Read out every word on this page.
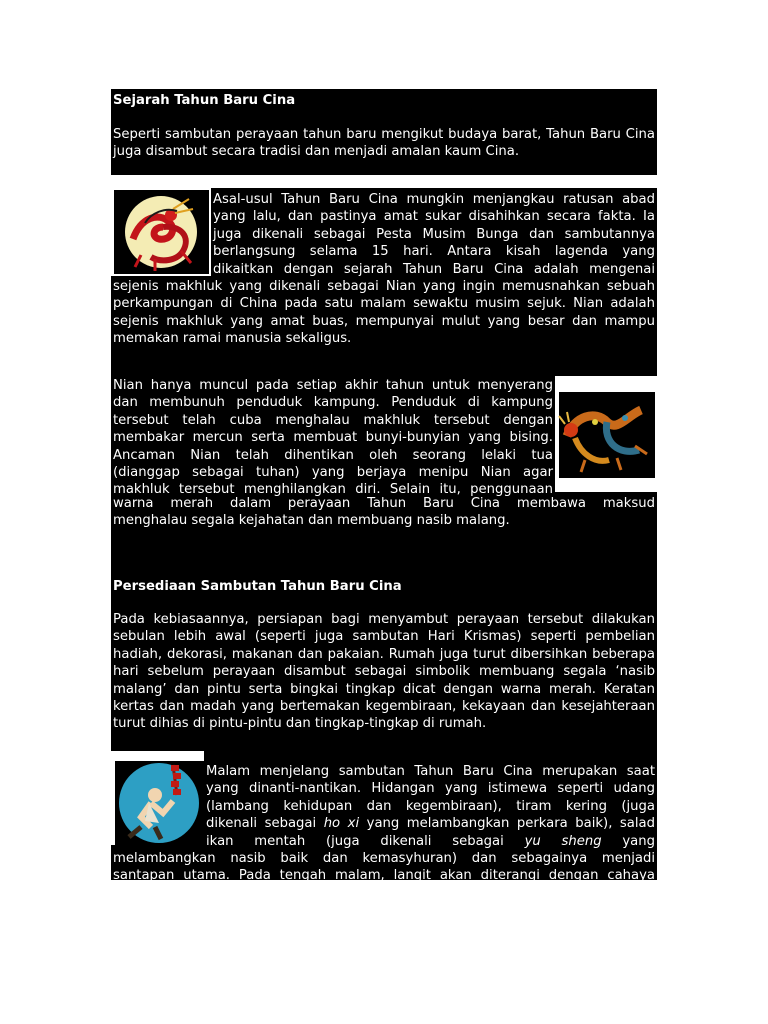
Sejarah Tahun Baru Cina

Seperti sambutan perayaan tahun baru mengikut budaya barat, Tahun Baru Cina juga disambut secara tradisi dan menjadi amalan kaum Cina.

Asal-usul Tahun Baru Cina mungkin menjangkau ratusan abad
yang lalu, dan pastinya amat sukar disahihkan secara fakta. Ia
juga dikenali sebagai Pesta Musim Bunga dan sambutannya
berlangsung selama 15 hari. Antara kisah lagenda yang
dikaitkan dengan sejarah Tahun Baru Cina adalah mengenai

sejenis makhluk yang dikenali sebagai Nian yang ingin memusnahkan sebuah perkampungan di China pada satu malam sewaktu musim sejuk. Nian adalah sejenis makhluk yang amat buas, mempunyai mulut yang besar dan mampu memakan ramai manusia sekaligus.

Nian hanya muncul pada setiap akhir tahun untuk menyerang
dan membunuh penduduk kampung. Penduduk di kampung
tersebut telah cuba menghalau makhluk tersebut dengan
membakar mercun serta membuat bunyi-bunyian yang bising.
Ancaman Nian telah dihentikan oleh seorang lelaki tua
(dianggap sebagai tuhan) yang berjaya menipu Nian agar
makhluk tersebut menghilangkan diri. Selain itu, penggunaan
warna merah dalam perayaan Tahun Baru Cina membawa maksud
menghalau segala kejahatan dan membuang nasib malang.
Persediaan Sambutan Tahun Baru Cina

Pada kebiasaannya, persiapan bagi menyambut perayaan tersebut dilakukan sebulan lebih awal (seperti juga sambutan Hari Krismas) seperti pembelian hadiah, dekorasi, makanan dan pakaian. Rumah juga turut dibersihkan beberapa hari sebelum perayaan disambut sebagai simbolik membuang segala ‘nasib malang’ dan pintu serta bingkai tingkap dicat dengan warna merah. Keratan kertas dan madah yang bertemakan kegembiraan, kekayaan dan kesejahteraan turut dihias di pintu-pintu dan tingkap-tingkap di rumah.

Malam menjelang sambutan Tahun Baru Cina merupakan saat
yang dinanti-nantikan. Hidangan yang istimewa seperti udang
(lambang kehidupan dan kegembiraan), tiram kering (juga
dikenali sebagai ho xi yang melambangkan perkara baik), salad
ikan mentah (juga dikenali sebagai yu sheng yang
melambangkan nasib baik dan kemasyhuran) dan sebagainya menjadi
santapan utama. Pada tengah malam, langit akan diterangi dengan cahaya
